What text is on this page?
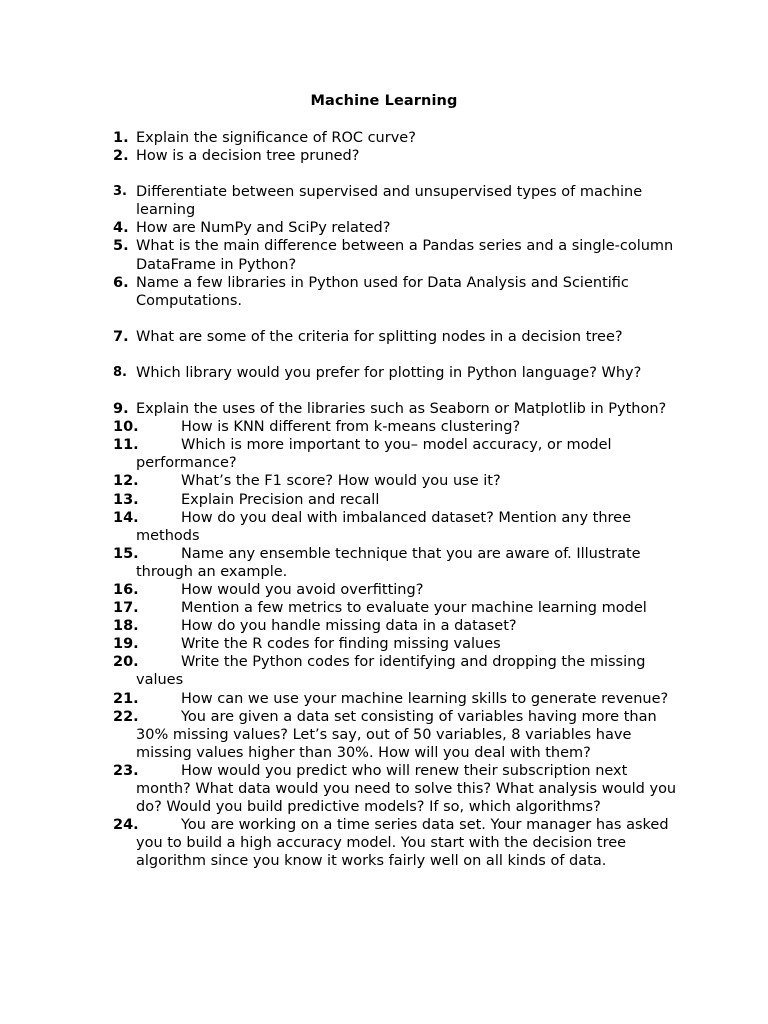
Machine Learning
1. Explain the significance of ROC curve?
2. How is a decision tree pruned?
3. Differentiate between supervised and unsupervised types of machine learning
4. How are NumPy and SciPy related?
5. What is the main difference between a Pandas series and a single-column DataFrame in Python?
6. Name a few libraries in Python used for Data Analysis and Scientific Computations.
7. What are some of the criteria for splitting nodes in a decision tree?
8. Which library would you prefer for plotting in Python language? Why?
9. Explain the uses of the libraries such as Seaborn or Matplotlib in Python?
10.	How is KNN different from k-means clustering?
11.	Which is more important to you– model accuracy, or model performance?
12.	What’s the F1 score? How would you use it?
13.	Explain Precision and recall
14.	How do you deal with imbalanced dataset? Mention any three methods
15.	Name any ensemble technique that you are aware of. Illustrate through an example.
16.	How would you avoid overfitting?
17.	Mention a few metrics to evaluate your machine learning model
18.	How do you handle missing data in a dataset?
19.	Write the R codes for finding missing values
20.	Write the Python codes for identifying and dropping the missing values
21.	How can we use your machine learning skills to generate revenue?
22.	You are given a data set consisting of variables having more than 30% missing values? Let’s say, out of 50 variables, 8 variables have missing values higher than 30%. How will you deal with them?
23.	How would you predict who will renew their subscription next month? What data would you need to solve this? What analysis would you do? Would you build predictive models? If so, which algorithms?
24.	You are working on a time series data set. Your manager has asked you to build a high accuracy model. You start with the decision tree algorithm since you know it works fairly well on all kinds of data.
